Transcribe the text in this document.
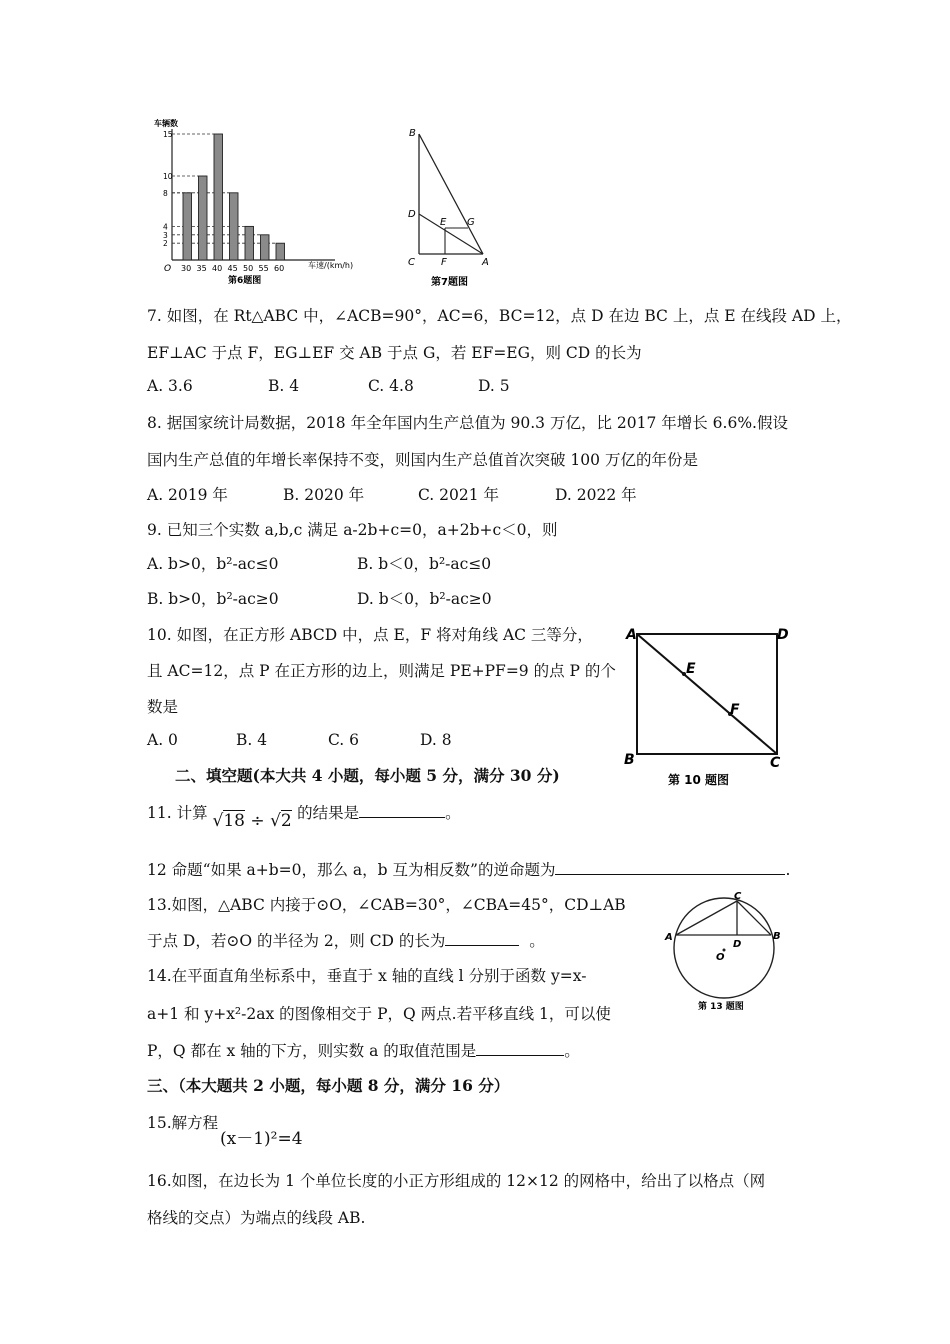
30 35 40 45 50 55 60
2
3
4
8
10
15
O
车辆数
车速/(km/h)
第6题图
B
D
E G
C	F	A
第7题图
7. 如图，在 Rt△ABC 中，∠ACB=90°，AC=6，BC=12，点 D 在边 BC 上，点 E 在线段 AD 上，
EF⊥AC 于点 F，EG⊥EF 交 AB 于点 G，若 EF=EG，则 CD 的长为
A. 3.6	B. 4	C. 4.8	D. 5
8. 据国家统计局数据，2018 年全年国内生产总值为 90.3 万亿，比 2017 年增长 6.6%.假设
国内生产总值的年增长率保持不变，则国内生产总值首次突破 100 万亿的年份是
A. 2019 年	B. 2020 年	C. 2021 年	D. 2022 年
9. 已知三个实数 a,b,c 满足 a-2b+c=0，a+2b+c＜0，则
A. b>0，b²-ac≤0	B. b＜0，b²-ac≤0
B. b>0，b²-ac≥0	D. b＜0，b²-ac≥0
10. 如图，在正方形 ABCD 中，点 E，F 将对角线 AC 三等分，
且 AC=12，点 P 在正方形的边上，则满足 PE+PF=9 的点 P 的个
数是
A. 0	B. 4	C. 6	D. 8
A	D
E
F
B	C
第 10 题图
二、填空题(本大共 4 小题，每小题 5 分，满分 30 分)
11. 计算 √18 ÷ √2 的结果是	。
12 命题“如果 a+b=0，那么 a，b 互为相反数”的逆命题为	.
13.如图，△ABC 内接于⊙O，∠CAB=30°，∠CBA=45°，CD⊥AB
于点 D，若⊙O 的半径为 2，则 CD 的长为	。	A	B
C
D
O
第 13 题图
14.在平面直角坐标系中，垂直于 x 轴的直线 l 分别于函数 y=x-
a+1 和 y+x²-2ax 的图像相交于 P，Q 两点.若平移直线 1，可以使
P，Q 都在 x 轴的下方，则实数 a 的取值范围是	。
三、（本大题共 2 小题，每小题 8 分，满分 16 分）
15.解方程
(x－1)²=4
16.如图，在边长为 1 个单位长度的小正方形组成的 12×12 的网格中，给出了以格点（网
格线的交点）为端点的线段 AB.
